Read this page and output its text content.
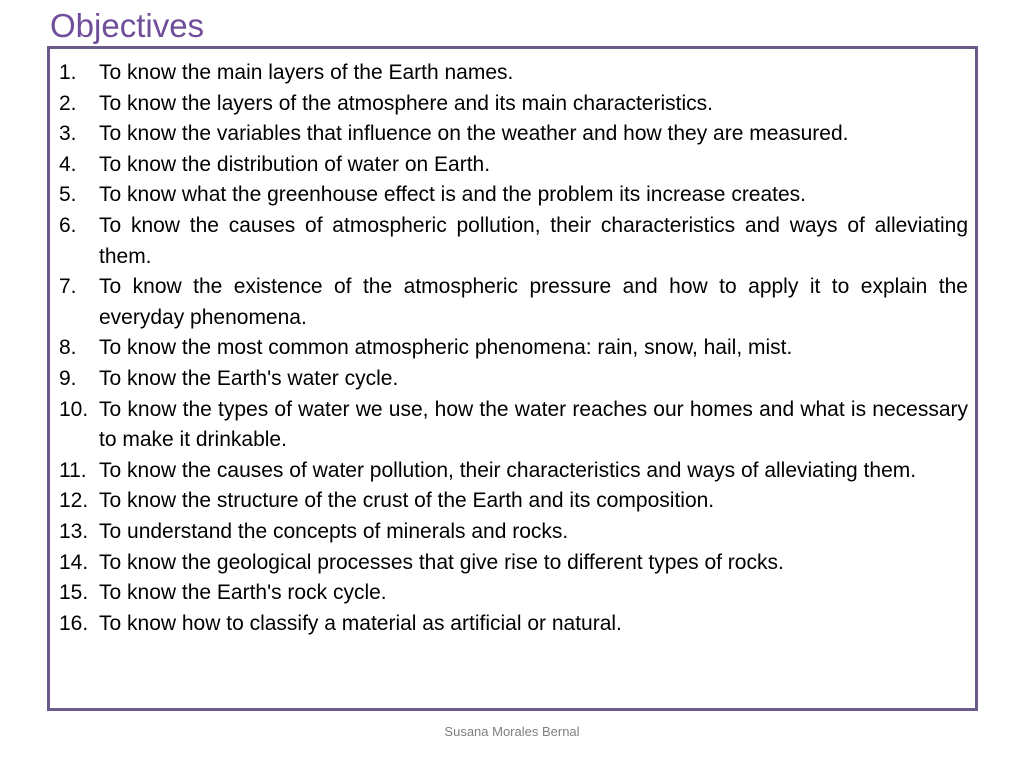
Objectives
1. To know the main layers of the Earth names.
2. To know the layers of the atmosphere and its main characteristics.
3. To know the variables that influence on the weather and how they are measured.
4. To know the distribution of water on Earth.
5. To know what the greenhouse effect is and the problem its increase creates.
6. To know the causes of atmospheric pollution, their characteristics and ways of alleviating them.
7. To know the existence of the atmospheric pressure and how to apply it to explain the everyday phenomena.
8. To know the most common atmospheric phenomena: rain, snow, hail, mist.
9. To know the Earth's water cycle.
10. To know the types of water we use, how the water reaches our homes and what is necessary to make it drinkable.
11. To know the causes of water pollution, their characteristics and ways of alleviating them.
12. To know the structure of the crust of the Earth and its composition.
13. To understand the concepts of minerals and rocks.
14. To know the geological processes that give rise to different types of rocks.
15. To know the Earth's rock cycle.
16. To know how to classify a material as artificial or natural.
Susana Morales Bernal
